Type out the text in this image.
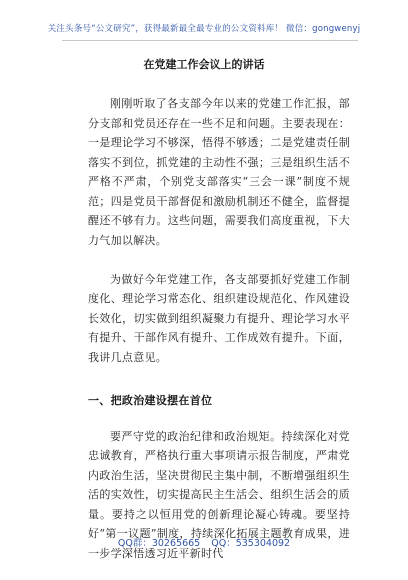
关注头条号“公文研究”，获得最新最全最专业的公文资料库！ 微信：gongwenyj
在党建工作会议上的讲话

刚刚听取了各支部今年以来的党建工作汇报，部分支部和党员还存在一些不足和问题。主要表现在：一是理论学习不够深，悟得不够透；二是党建责任制落实不到位，抓党建的主动性不强；三是组织生活不严格不严肃，个别党支部落实“三会一课”制度不规范；四是党员干部督促和激励机制还不健全，监督提醒还不够有力。这些问题，需要我们高度重视，下大力气加以解决。

为做好今年党建工作，各支部要抓好党建工作制度化、理论学习常态化、组织建设规范化、作风建设长效化，切实做到组织凝聚力有提升、理论学习水平有提升、干部作风有提升、工作成效有提升。下面，我讲几点意见。

一、把政治建设摆在首位

要严守党的政治纪律和政治规矩。持续深化对党忠诚教育，严格执行重大事项请示报告制度，严肃党内政治生活，坚决贯彻民主集中制，不断增强组织生活的实效性，切实提高民主生活会、组织生活会的质量。要持之以恒用党的创新理论凝心铸魂。要坚持好“第一议题”制度，持续深化拓展主题教育成果，进一步学深悟透习近平新时代

QQ群：30265665 QQ：535304092
